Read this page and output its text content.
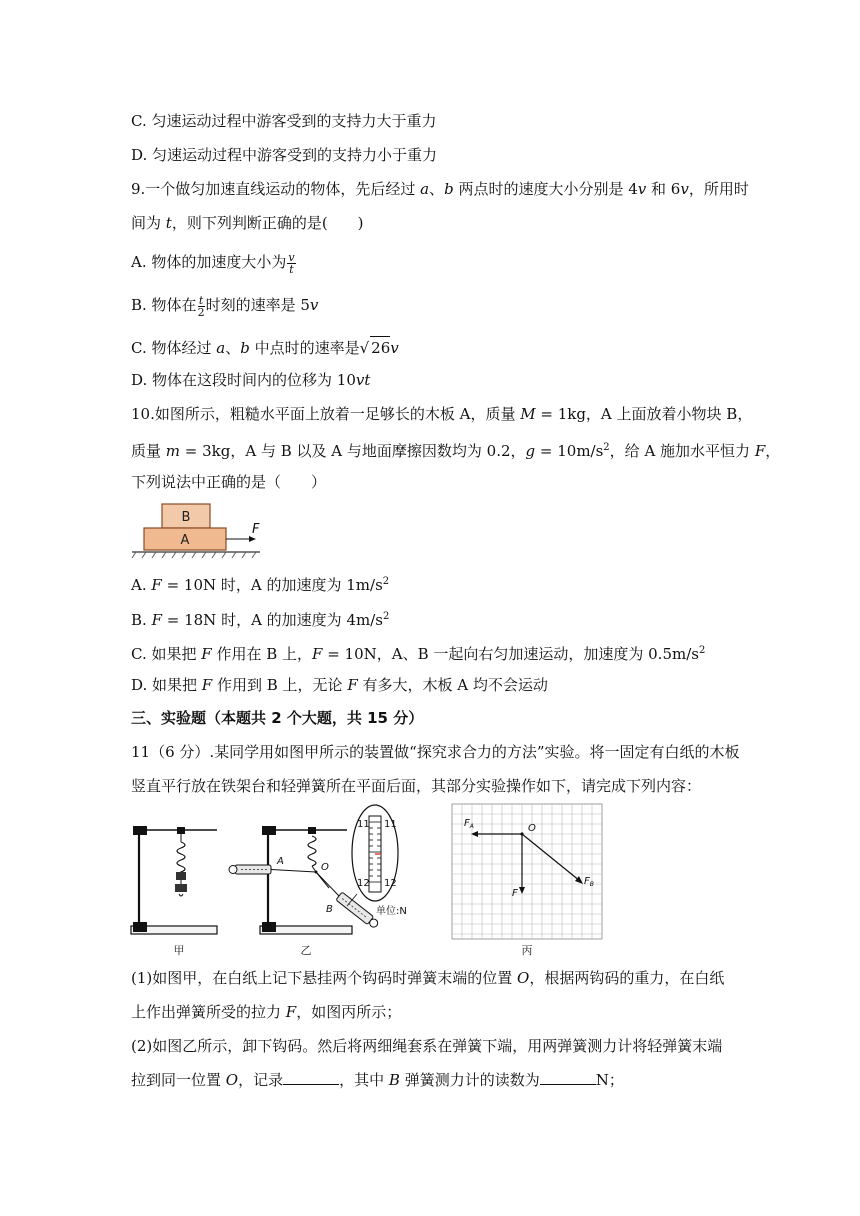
C. 匀速运动过程中游客受到的支持力大于重力
D. 匀速运动过程中游客受到的支持力小于重力
9.一个做匀加速直线运动的物体，先后经过 a、b 两点时的速度大小分别是 4v 和 6v，所用时
间为 t，则下列判断正确的是(　　)
A. 物体的加速度大小为 $\frac{v}{t}$
B. 物体在 $\frac{t}{2}$ 时刻的速率是 5v
C. 物体经过 a、b 中点时的速率是√ 26v
D. 物体在这段时间内的位移为 10vt
10.如图所示，粗糙水平面上放着一足够长的木板 A，质量 M = 1kg，A 上面放着小物块 B，
质量 m = 3kg，A 与 B 以及 A 与地面摩擦因数均为 0.2，$g = 10m/s^2$，给 A 施加水平恒力 F，
下列说法中正确的是（　　）
B
A
F
A. F = 10N 时，A 的加速度为 $1m/s^2$
B. F = 18N 时，A 的加速度为 $4m/s^2$
C. 如果把 F 作用在 B 上，F = 10N，A、B 一起向右匀加速运动，加速度为 $0.5m/s^2$
D. 如果把 F 作用到 B 上，无论 F 有多大，木板 A 均不会运动
三、实验题（本题共 2 个大题，共 15 分）
11（6 分）.某同学用如图甲所示的装置做“探究求合力的方法”实验。将一固定有白纸的木板
竖直平行放在铁架台和轻弹簧所在平面后面，其部分实验操作如下，请完成下列内容：
甲
A
O
B
乙
11 11
12 12
单位:N
O
$F_A$
F
$F_B$
丙
(1)如图甲，在白纸上记下悬挂两个钩码时弹簧末端的位置 O，根据两钩码的重力，在白纸
上作出弹簧所受的拉力 F，如图丙所示；
(2)如图乙所示，卸下钩码。然后将两细绳套系在弹簧下端，用两弹簧测力计将轻弹簧末端
拉到同一位置 O，记录	，其中 B 弹簧测力计的读数为	N；
